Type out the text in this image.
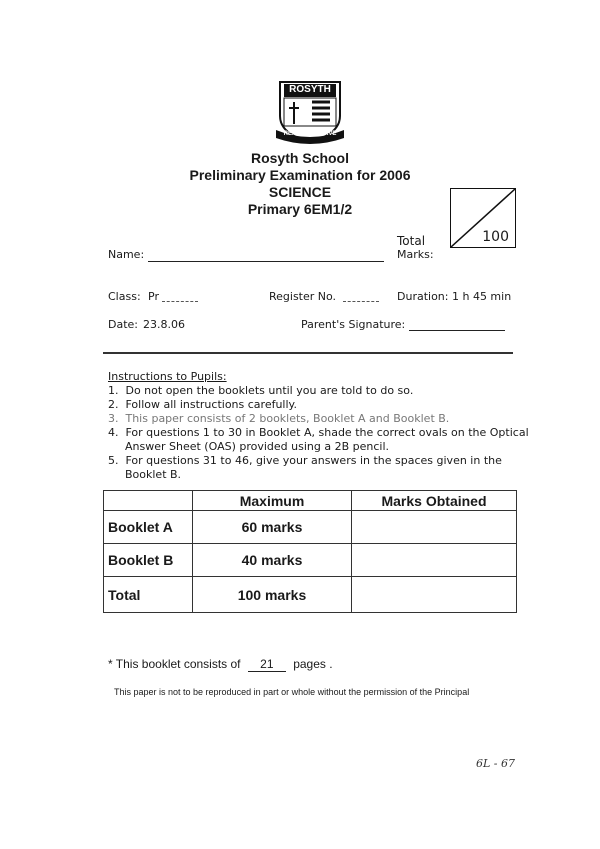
ROSYTH
READY TO SERVE
Rosyth School
Preliminary Examination for 2006
SCIENCE
Primary 6EM1/2
100
Total
Marks:
Name:
Class: Pr	Register No.	Duration: 1 h 45 min
Date: 23.8.06	Parent's Signature:
Instructions to Pupils:
1.  Do not open the booklets until you are told to do so.
2.  Follow all instructions carefully.
3.  This paper consists of 2 booklets, Booklet A and Booklet B.
4.  For questions 1 to 30 in Booklet A, shade the correct ovals on the Optical
Answer Sheet (OAS) provided using a 2B pencil.
5.  For questions 31 to 46, give your answers in the spaces given in the
Booklet B.
	Maximum	Marks Obtained
Booklet A	60 marks	
Booklet B	40 marks	
Total	100 marks	
* This booklet consists of 21 pages .
This paper is not to be reproduced in part or whole without the permission of the Principal
6L - 67
